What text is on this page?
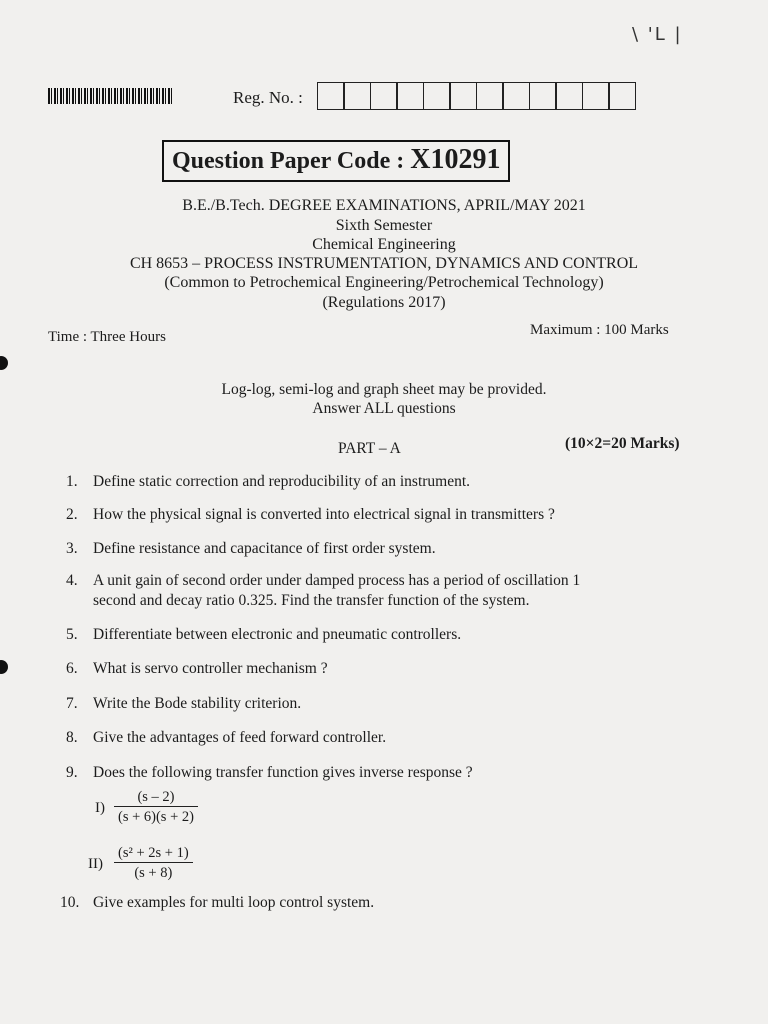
\ 'L |
Reg. No. :
Question Paper Code : X10291
B.E./B.Tech. DEGREE EXAMINATIONS, APRIL/MAY 2021
Sixth Semester
Chemical Engineering
CH 8653 – PROCESS INSTRUMENTATION, DYNAMICS AND CONTROL
(Common to Petrochemical Engineering/Petrochemical Technology)
(Regulations 2017)
Time : Three Hours	Maximum : 100 Marks
Log-log, semi-log and graph sheet may be provided.
Answer ALL questions
PART – A	(10×2=20 Marks)
1. Define static correction and reproducibility of an instrument.
2. How the physical signal is converted into electrical signal in transmitters ?
3. Define resistance and capacitance of first order system.
4. A unit gain of second order under damped process has a period of oscillation 1
second and decay ratio 0.325. Find the transfer function of the system.
5. Differentiate between electronic and pneumatic controllers.
6. What is servo controller mechanism ?
7. Write the Bode stability criterion.
8. Give the advantages of feed forward controller.
9. Does the following transfer function gives inverse response ?
$I) \frac{(s - 2)}{(s + 6)(s + 2)}$
$II) \frac{\text{(s² + 2s + 1)}}{(s + 8)}$
10. Give examples for multi loop control system.
